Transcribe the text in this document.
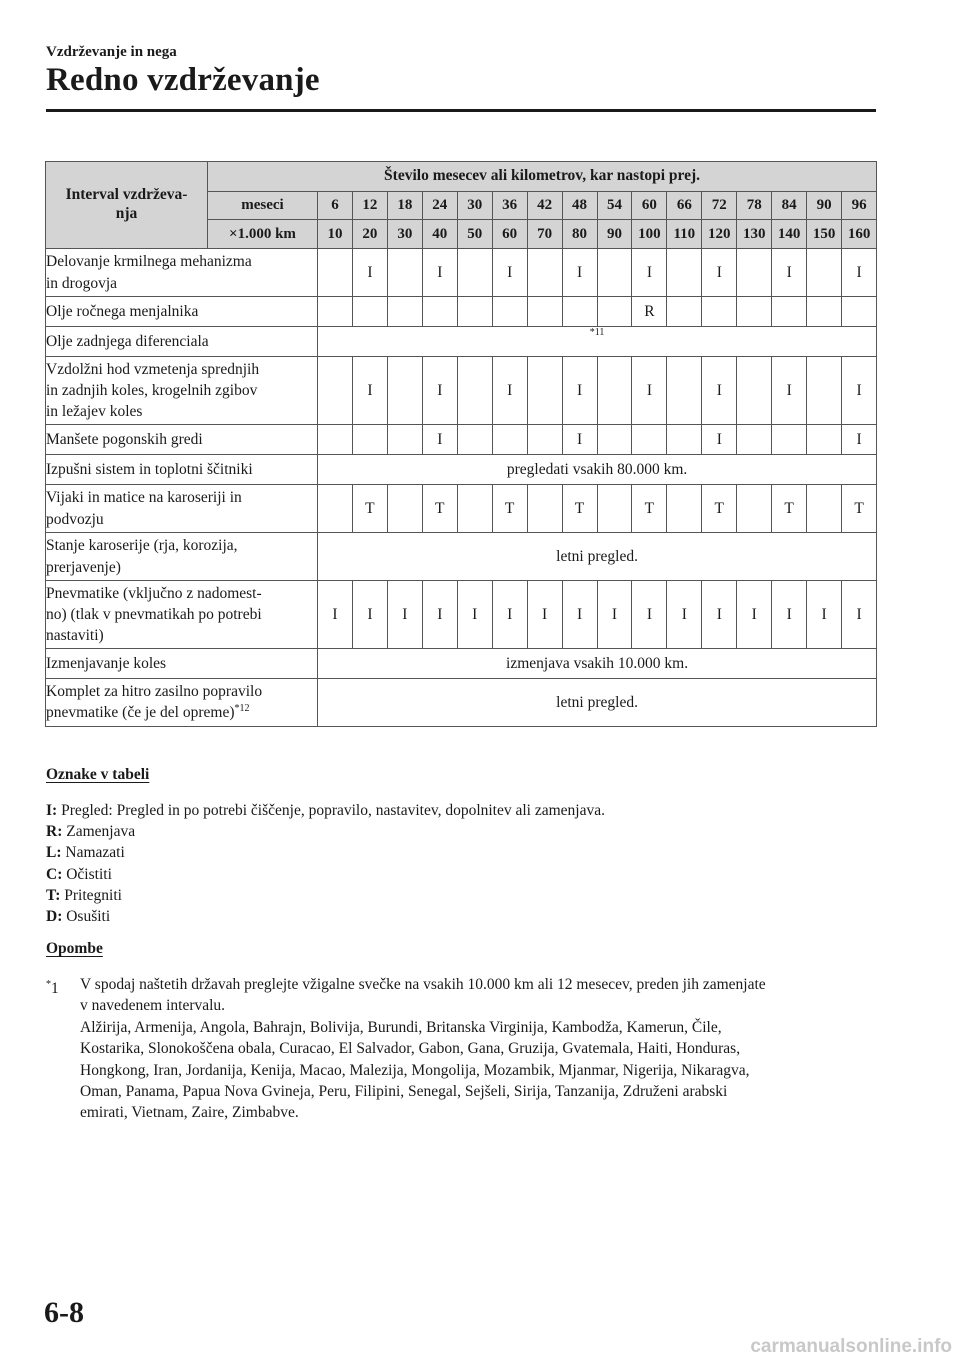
Vzdrževanje in nega
Redno vzdrževanje
Interval vzdrževa-
nja	Število mesecev ali kilometrov, kar nastopi prej.																
	meseci	6	12	18	24	30	36	42	48	54	60	66	72	78	84	90	96
	×1.000 km	10	20	30	40	50	60	70	80	90	100	110	120	130	140	150	160
Delovanje krmilnega mehanizma
in drogovja			I		I		I		I		I		I		I		I
Olje ročnega menjalnika											R						
Olje zadnjega diferenciala		*11															
Vzdolžni hod vzmetenja sprednjih
in zadnjih koles, krogelnih zgibov
in ležajev koles			I		I		I		I		I		I		I		I
Manšete pogonskih gredi					I				I				I				I
Izpušni sistem in toplotni ščitniki		pregledati vsakih 80.000 km.															
Vijaki in matice na karoseriji in
podvozju			T		T		T		T		T		T		T		T
Stanje karoserije (rja, korozija,
prerjavenje)		letni pregled.															
Pnevmatike (vključno z nadomest-
no) (tlak v pnevmatikah po potrebi
nastaviti)		I	I	I	I	I	I	I	I	I	I	I	I	I	I	I	I
Izmenjavanje koles		izmenjava vsakih 10.000 km.															
Komplet za hitro zasilno popravilo
pnevmatike (če je del opreme)$^{*12}$		letni pregled.															
Oznake v tabeli
I: Pregled: Pregled in po potrebi čiščenje, popravilo, nastavitev, dopolnitev ali zamenjava.
R: Zamenjava
L: Namazati
C: Očistiti
T: Pritegniti
D: Osušiti
Opombe
*1 V spodaj naštetih državah preglejte vžigalne svečke na vsakih 10.000 km ali 12 mesecev, preden jih zamenjate
v navedenem intervalu.
Alžirija, Armenija, Angola, Bahrajn, Bolivija, Burundi, Britanska Virginija, Kambodža, Kamerun, Čile,
Kostarika, Slonokoščena obala, Curacao, El Salvador, Gabon, Gana, Gruzija, Gvatemala, Haiti, Honduras,
Hongkong, Iran, Jordanija, Kenija, Macao, Malezija, Mongolija, Mozambik, Mjanmar, Nigerija, Nikaragva,
Oman, Panama, Papua Nova Gvineja, Peru, Filipini, Senegal, Sejšeli, Sirija, Tanzanija, Združeni arabski
emirati, Vietnam, Zaire, Zimbabve.
6-8
carmanualsonline.info
